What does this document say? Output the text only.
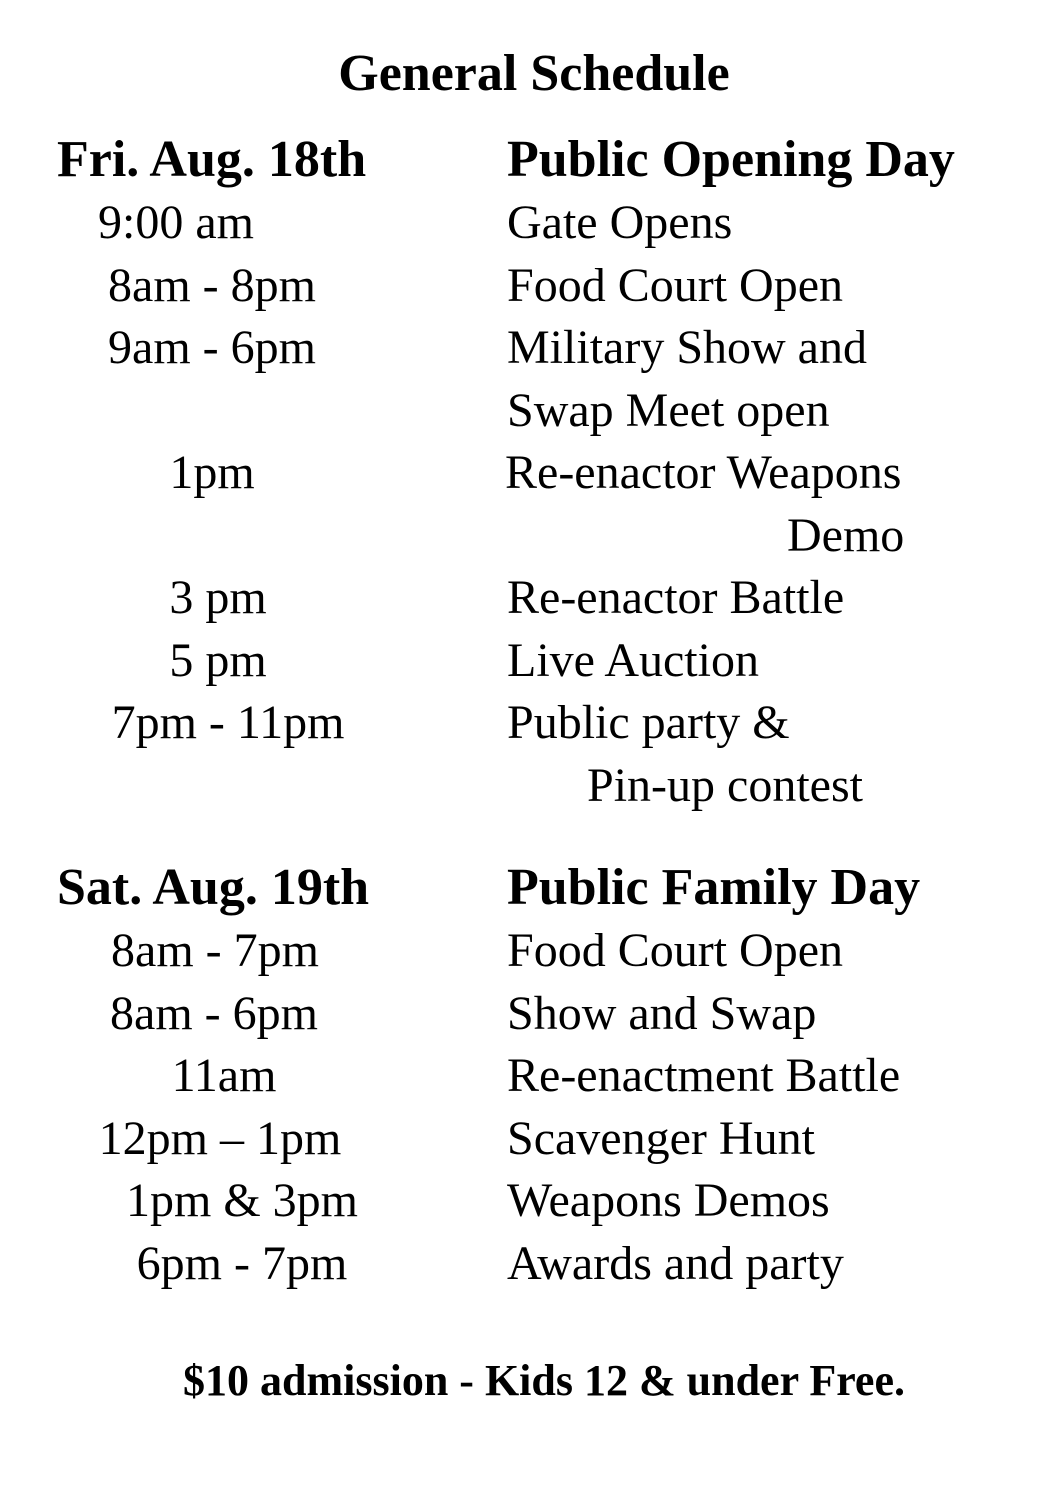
General Schedule
Fri. Aug. 18th	Public Opening Day
9:00 am	Gate Opens
8am - 8pm	Food Court Open
9am - 6pm	Military Show and
Swap Meet open
1pm	Re-enactor Weapons
Demo
3 pm	Re-enactor Battle
5 pm	Live Auction
7pm - 11pm	Public party &
Pin-up contest
Sat. Aug. 19th	Public Family Day
8am - 7pm	Food Court Open
8am - 6pm	Show and Swap
11am	Re-enactment Battle
12pm – 1pm	Scavenger Hunt
1pm & 3pm	Weapons Demos
6pm - 7pm	Awards and party
$10 admission - Kids 12 & under Free.
